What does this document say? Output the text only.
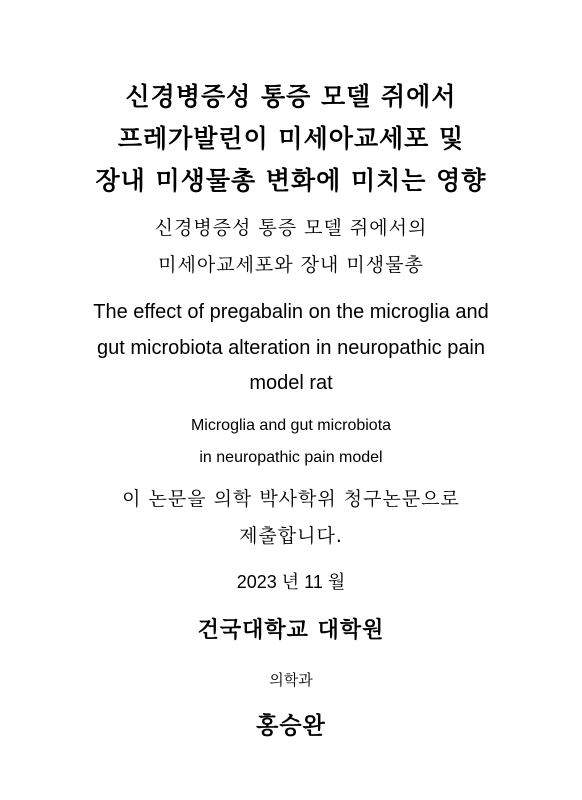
신경병증성 통증 모델 쥐에서
프레가발린이 미세아교세포 및
장내 미생물총 변화에 미치는 영향
신경병증성 통증 모델 쥐에서의
미세아교세포와 장내 미생물총
The effect of pregabalin on the microglia and
gut microbiota alteration in neuropathic pain
model rat
Microglia and gut microbiota
in neuropathic pain model
이 논문을 의학 박사학위 청구논문으로
제출합니다.
2023 년 11 월
건국대학교 대학원
의학과
홍승완
